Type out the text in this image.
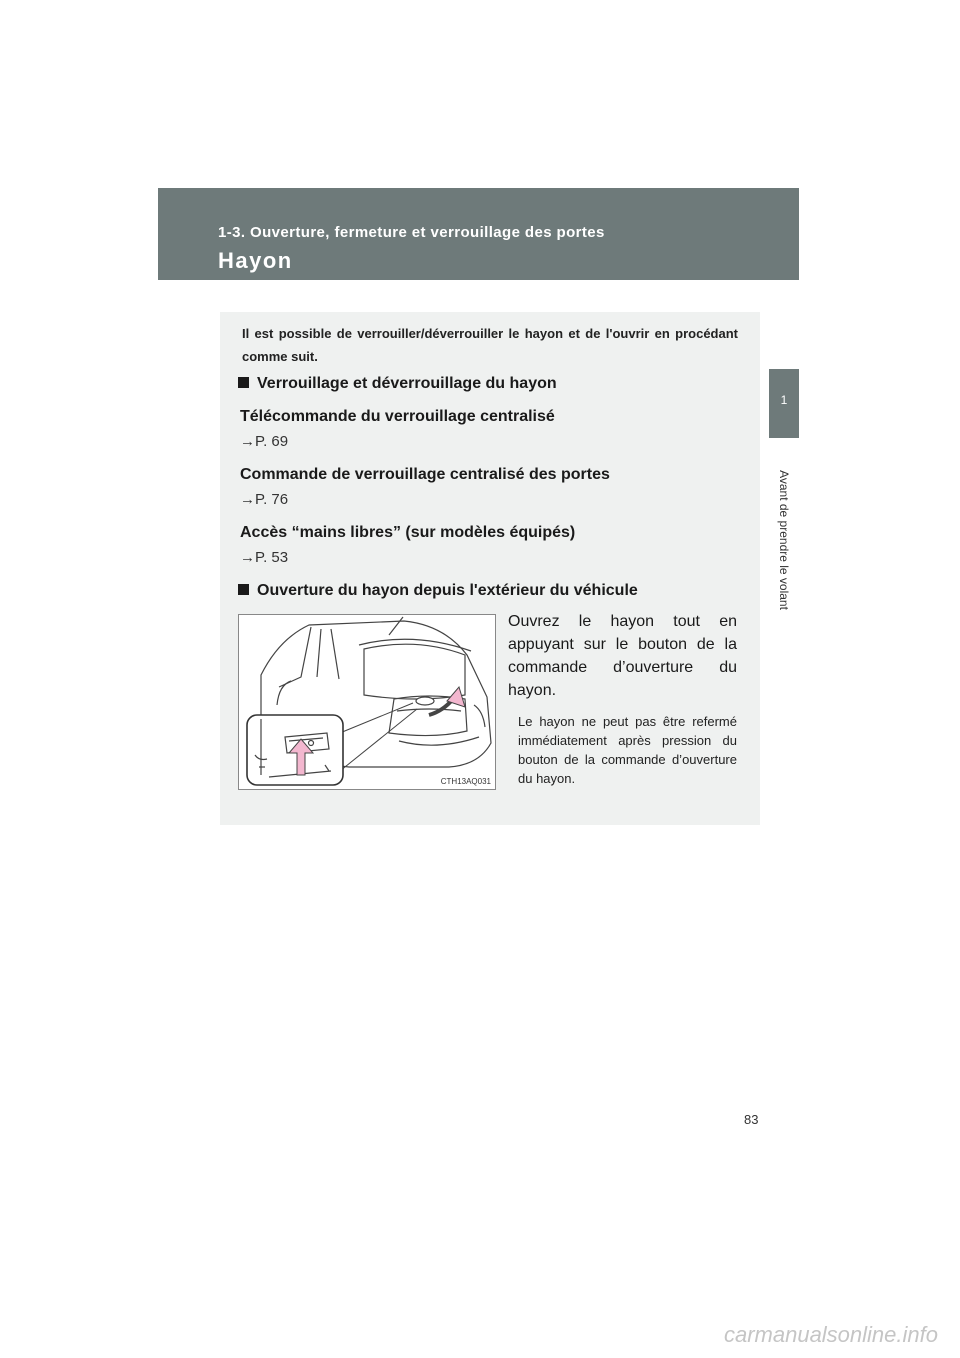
1-3. Ouverture, fermeture et verrouillage des portes
Hayon
1
Avant de prendre le volant
Il est possible de verrouiller/déverrouiller le hayon et de l'ouvrir en procédant comme suit.
Verrouillage et déverrouillage du hayon
Télécommande du verrouillage centralisé
→P. 69
Commande de verrouillage centralisé des portes
→P. 76
Accès “mains libres” (sur modèles équipés)
→P. 53
Ouverture du hayon depuis l'extérieur du véhicule
CTH13AQ031
Ouvrez le hayon tout en appuyant sur le bouton de la commande d’ouverture du hayon.
Le hayon ne peut pas être refermé immédiatement après pression du bouton de la commande d’ouverture du hayon.
83
carmanualsonline.info
